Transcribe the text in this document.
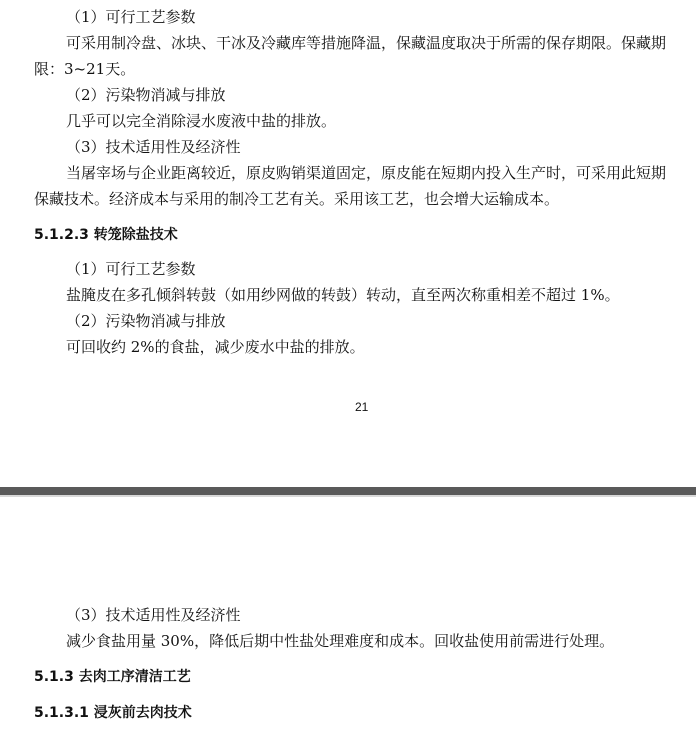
（1）可行工艺参数
可采用制冷盘、冰块、干冰及冷藏库等措施降温，保藏温度取决于所需的保存期限。保藏期限：3~21天。
（2）污染物消减与排放
几乎可以完全消除浸水废液中盐的排放。
（3）技术适用性及经济性
当屠宰场与企业距离较近，原皮购销渠道固定，原皮能在短期内投入生产时，可采用此短期保藏技术。经济成本与采用的制冷工艺有关。采用该工艺，也会增大运输成本。
5.1.2.3 转笼除盐技术
（1）可行工艺参数
盐腌皮在多孔倾斜转鼓（如用纱网做的转鼓）转动，直至两次称重相差不超过 1%。
（2）污染物消减与排放
可回收约 2%的食盐，减少废水中盐的排放。
21
（3）技术适用性及经济性
减少食盐用量 30%，降低后期中性盐处理难度和成本。回收盐使用前需进行处理。
5.1.3 去肉工序清洁工艺
5.1.3.1 浸灰前去肉技术
